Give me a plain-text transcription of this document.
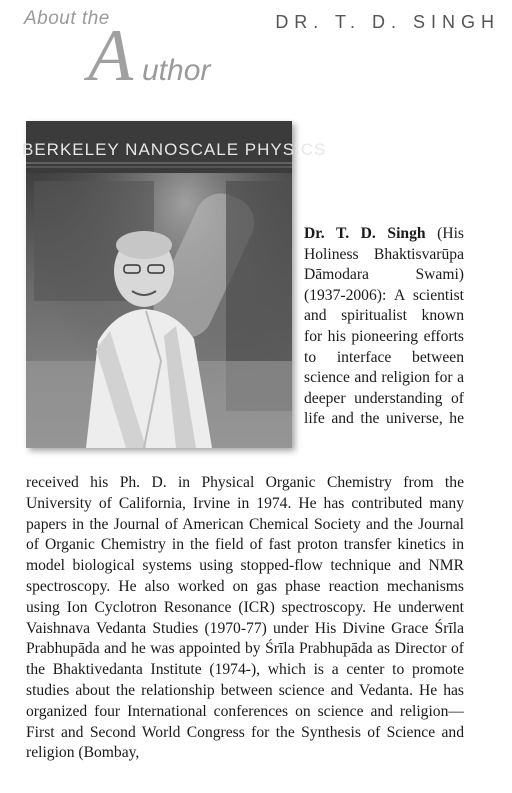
About the
A uthor
DR. T. D. SINGH
BERKELEY NANOSCALE PHYSICS
Dr. T. D. Singh (His Holiness Bhaktisvarūpa Dāmodara Swami) (1937-2006): A scientist and spiritualist known for his pioneering efforts to interface between science and religion for a deeper understanding of life and the universe, he

received his Ph. D. in Physical Organic Chemistry from the University of California, Irvine in 1974. He has contributed many papers in the Journal of American Chemical Society and the Journal of Organic Chemistry in the field of fast proton transfer kinetics in model biological systems using stopped-flow technique and NMR spectroscopy. He also worked on gas phase reaction mechanisms using Ion Cyclotron Resonance (ICR) spectroscopy. He underwent Vaishnava Vedanta Studies (1970-77) under His Divine Grace Śrīla Prabhupāda and he was appointed by Śrīla Prabhupāda as Director of the Bhaktivedanta Institute (1974-), which is a center to promote studies about the relationship between science and Vedanta. He has organized four International conferences on science and religion—First and Second World Congress for the Synthesis of Science and religion (Bombay,
